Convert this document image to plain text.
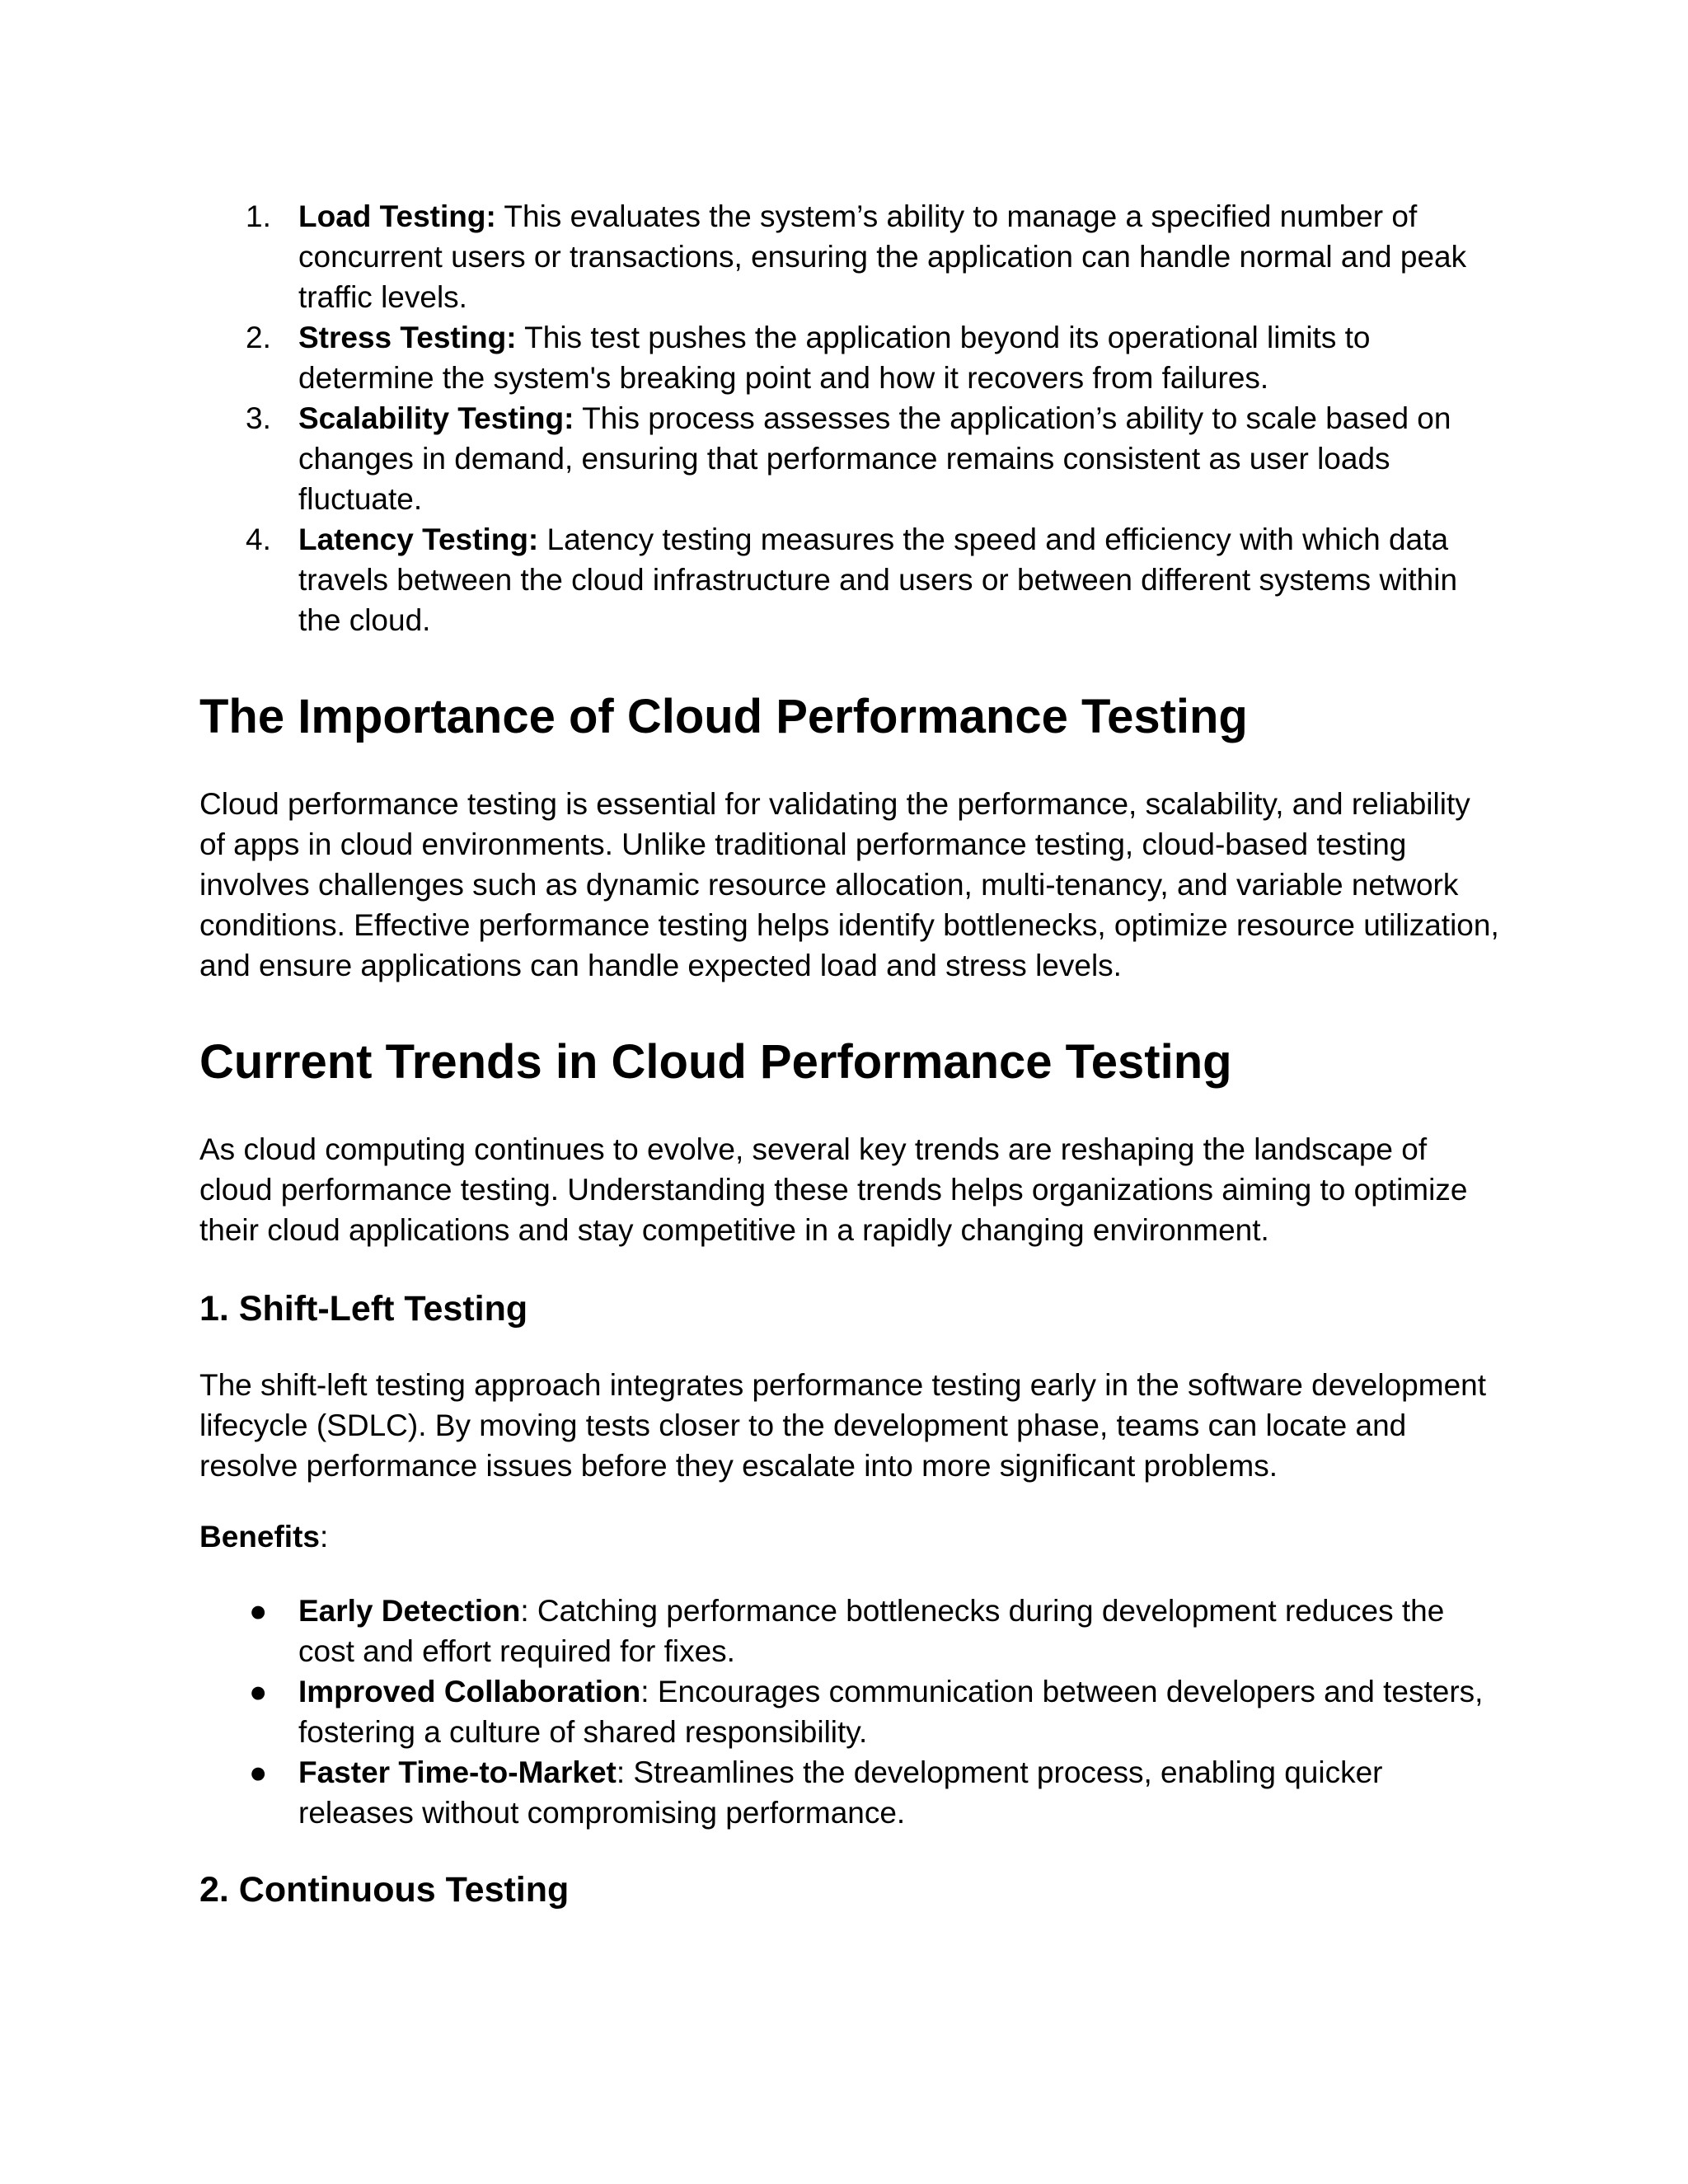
1. Load Testing: This evaluates the system’s ability to manage a specified number of concurrent users or transactions, ensuring the application can handle normal and peak traffic levels.
2. Stress Testing: This test pushes the application beyond its operational limits to determine the system's breaking point and how it recovers from failures.
3. Scalability Testing: This process assesses the application’s ability to scale based on changes in demand, ensuring that performance remains consistent as user loads fluctuate.
4. Latency Testing: Latency testing measures the speed and efficiency with which data travels between the cloud infrastructure and users or between different systems within the cloud.
The Importance of Cloud Performance Testing

Cloud performance testing is essential for validating the performance, scalability, and reliability of apps in cloud environments. Unlike traditional performance testing, cloud-based testing involves challenges such as dynamic resource allocation, multi-tenancy, and variable network conditions. Effective performance testing helps identify bottlenecks, optimize resource utilization, and ensure applications can handle expected load and stress levels.

Current Trends in Cloud Performance Testing

As cloud computing continues to evolve, several key trends are reshaping the landscape of cloud performance testing. Understanding these trends helps organizations aiming to optimize their cloud applications and stay competitive in a rapidly changing environment.

1. Shift-Left Testing

The shift-left testing approach integrates performance testing early in the software development lifecycle (SDLC). By moving tests closer to the development phase, teams can locate and resolve performance issues before they escalate into more significant problems.

Benefits:

● Early Detection: Catching performance bottlenecks during development reduces the cost and effort required for fixes.
● Improved Collaboration: Encourages communication between developers and testers, fostering a culture of shared responsibility.
● Faster Time-to-Market: Streamlines the development process, enabling quicker releases without compromising performance.
2. Continuous Testing
